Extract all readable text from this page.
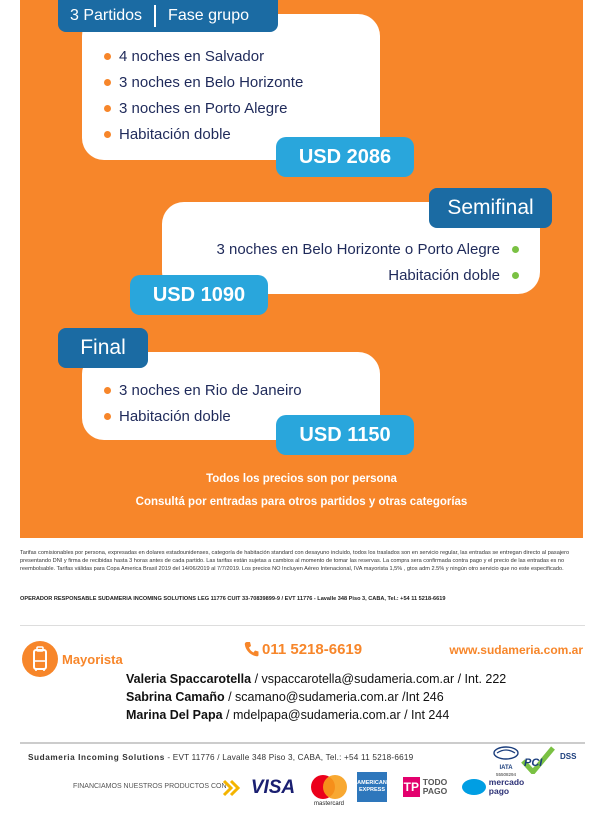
3 Partidos Fase grupo
4 noches en Salvador
3 noches en Belo Horizonte
3 noches en Porto Alegre
Habitación doble
USD 2086
Semifinal
3 noches en Belo Horizonte o Porto Alegre
Habitación doble
USD 1090
Final
3 noches en Rio de Janeiro
Habitación doble
USD 1150
Todos los precios son por persona
Consultá por entradas para otros partidos y otras categorías
Tarifas comisionables por persona, expresadas en dolares estadounidenses, categoría de habitación standard con desayuno incluido, todos los traslados son en servicio regular, las entradas se entregan directo al pasajero presentando DNI y firma de recibidas hasta 3 horas antes de cada partido. Las tarifas están sujetas a cambios al momento de tomar las reservas. La compra sera confirmada contra pago y el precio de las entradas es no reembolsable. Tarifas válidas para Copa America Brasil 2019 del 14/06/2019 al 7/7/2019. Los precios NO Incluyen Aéreo Intenacional, IVA mayorista 1,5% , gtos adm 2.5% y ningún otro servicio que no este especificado.
OPERADOR RESPONSABLE SUDAMERIA INCOMING SOLUTIONS LEG 11776 CUIT 33-70839899-9 / EVT 11776 - Lavalle 348 Piso 3, CABA, Tel.: +54 11 5218-6619
Mayorista
011 5218-6619	www.sudameria.com.ar
Valeria Spaccarotella / vspaccarotella@sudameria.com.ar / Int. 222
Sabrina Camaño / scamano@sudameria.com.ar /Int 246
Marina Del Papa / mdelpapa@sudameria.com.ar / Int 244
Sudameria Incoming Solutions - EVT 11776 / Lavalle 348 Piso 3, CABA, Tel.: +54 11 5218-6619
IATA
55508294
PCI
DSS
FINANCIAMOS NUESTROS PRODUCTOS CON VISA
mastercard
AMERICAN
EXPRESS TP TODO
PAGO
mercado
pago
